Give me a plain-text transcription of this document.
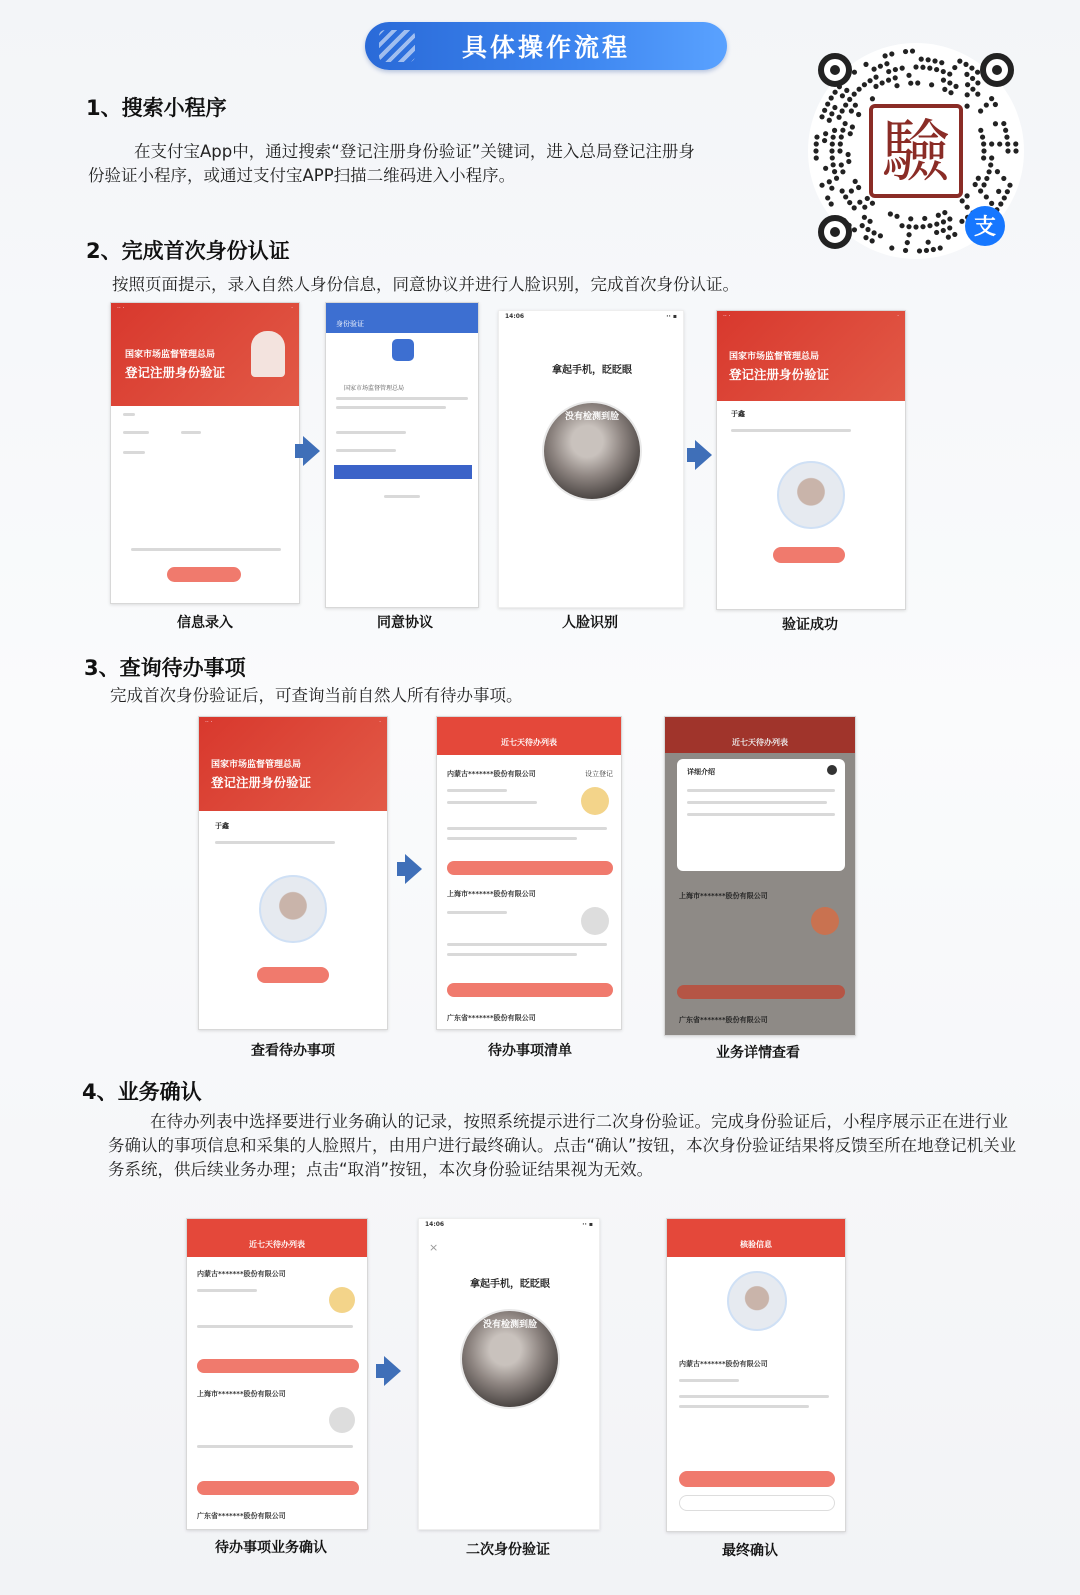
具体操作流程
驗
支
1、搜索小程序
在支付宝App中，通过搜索“登记注册身份验证”关键词，进入总局登记注册身份验证小程序，或通过支付宝APP扫描二维码进入小程序。
2、完成首次身份认证
按照页面提示，录入自然人身份信息，同意协议并进行人脸识别，完成首次身份认证。
·· ·	·
国家市场监督管理总局
登记注册身份验证
信息录入
身份验证
国家市场监督管理总局
同意协议
14:06	·· ▪
拿起手机，眨眨眼
没有检测到脸
人脸识别
·· ·	·
国家市场监督管理总局
登记注册身份验证
于鑫
验证成功
3、查询待办事项
完成首次身份验证后，可查询当前自然人所有待办事项。
·· ·	·
国家市场监督管理总局
登记注册身份验证
于鑫
查看待办事项
近七天待办列表
内蒙古*******股份有限公司	设立登记
上海市*******股份有限公司
广东省*******股份有限公司
待办事项清单
近七天待办列表
详细介绍
上海市*******股份有限公司
广东省*******股份有限公司
业务详情查看
4、业务确认
在待办列表中选择要进行业务确认的记录，按照系统提示进行二次身份验证。完成身份验证后，小程序展示正在进行业务确认的事项信息和采集的人脸照片，由用户进行最终确认。点击“确认”按钮，本次身份验证结果将反馈至所在地登记机关业务系统，供后续业务办理；点击“取消”按钮，本次身份验证结果视为无效。
近七天待办列表
内蒙古*******股份有限公司
上海市*******股份有限公司
广东省*******股份有限公司
待办事项业务确认
14:06	·· ▪
×
拿起手机，眨眨眼
没有检测到脸
二次身份验证
核验信息
内蒙古*******股份有限公司
最终确认
